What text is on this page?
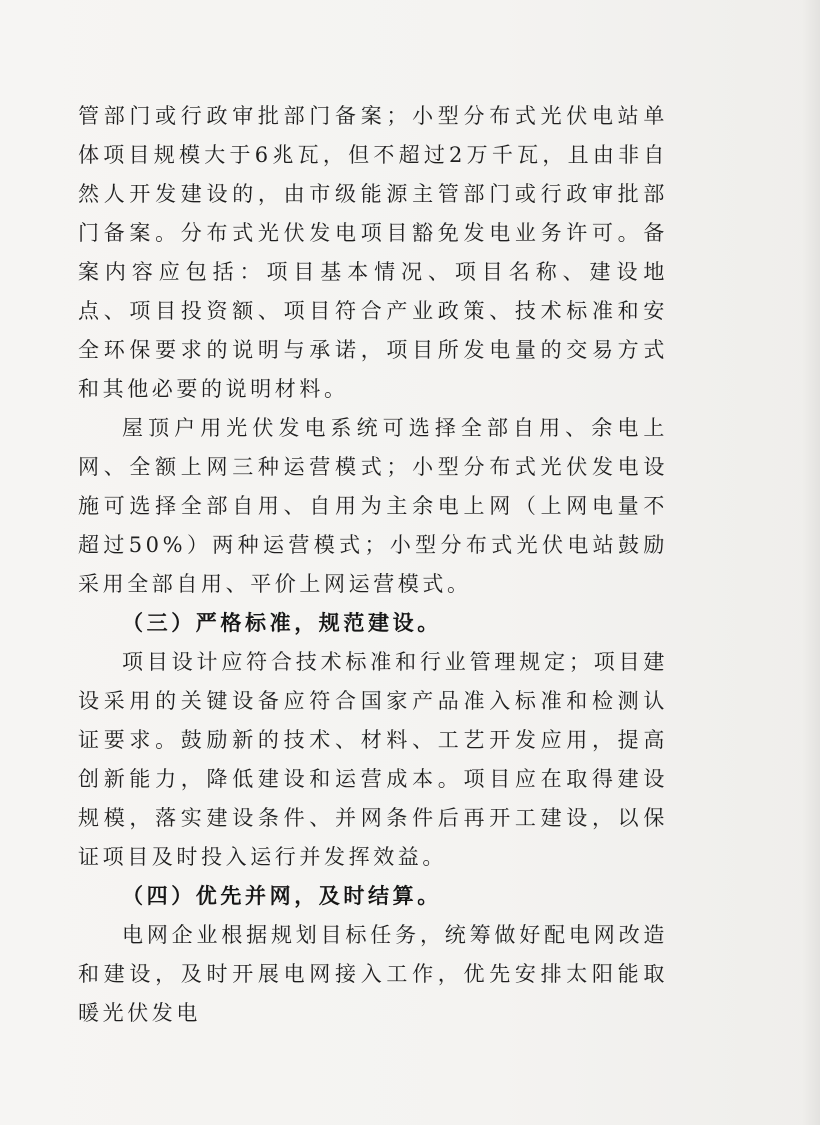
管部门或行政审批部门备案；小型分布式光伏电站单体项目规模大于6兆瓦，但不超过2万千瓦，且由非自然人开发建设的，由市级能源主管部门或行政审批部门备案。分布式光伏发电项目豁免发电业务许可。备案内容应包括：项目基本情况、项目名称、建设地点、项目投资额、项目符合产业政策、技术标准和安全环保要求的说明与承诺，项目所发电量的交易方式和其他必要的说明材料。

屋顶户用光伏发电系统可选择全部自用、余电上网、全额上网三种运营模式；小型分布式光伏发电设施可选择全部自用、自用为主余电上网（上网电量不超过50%）两种运营模式；小型分布式光伏电站鼓励采用全部自用、平价上网运营模式。

（三）严格标准，规范建设。

项目设计应符合技术标准和行业管理规定；项目建设采用的关键设备应符合国家产品准入标准和检测认证要求。鼓励新的技术、材料、工艺开发应用，提高创新能力，降低建设和运营成本。项目应在取得建设规模，落实建设条件、并网条件后再开工建设，以保证项目及时投入运行并发挥效益。

（四）优先并网，及时结算。

电网企业根据规划目标任务，统筹做好配电网改造和建设，及时开展电网接入工作，优先安排太阳能取暖光伏发电
